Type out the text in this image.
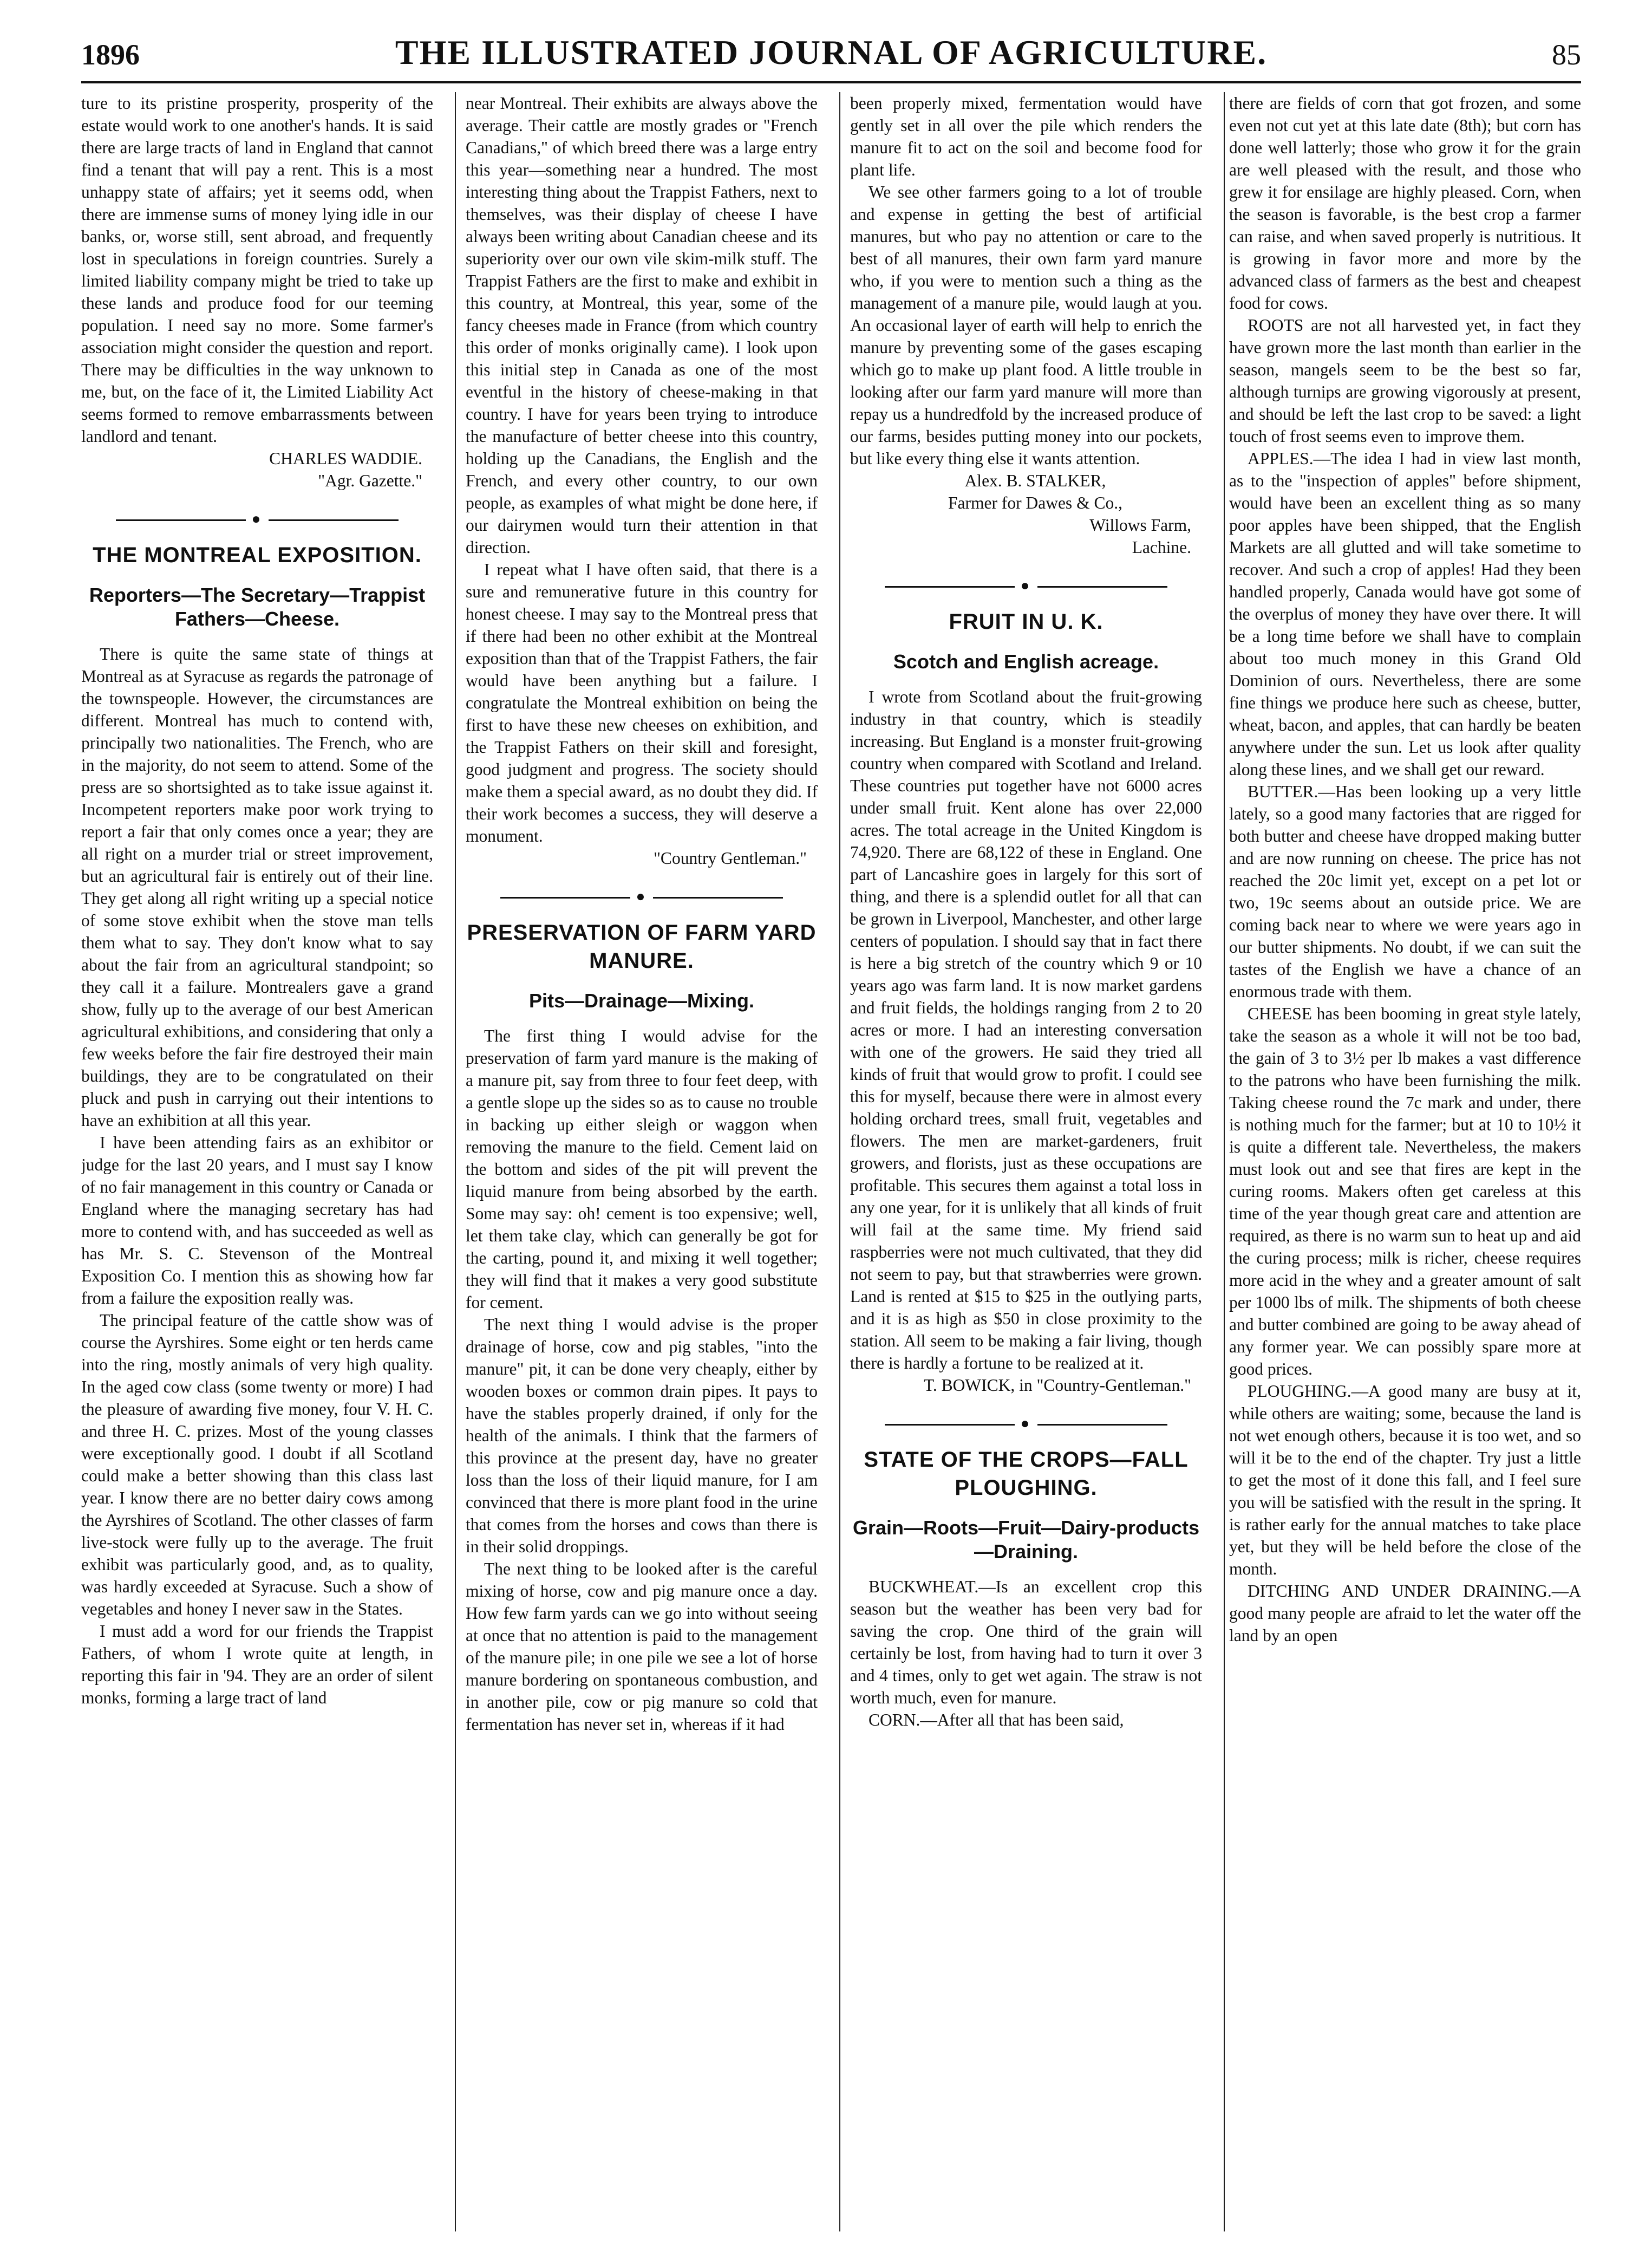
1896	THE ILLUSTRATED JOURNAL OF AGRICULTURE.	85

ture to its pristine prosperity, prosperity of the estate would work to one another's hands. It is said there are large tracts of land in England that cannot find a tenant that will pay a rent. This is a most unhappy state of affairs; yet it seems odd, when there are immense sums of money lying idle in our banks, or, worse still, sent abroad, and frequently lost in speculations in foreign countries. Surely a limited liability company might be tried to take up these lands and produce food for our teeming population. I need say no more. Some farmer's association might consider the question and report. There may be difficulties in the way unknown to me, but, on the face of it, the Limited Liability Act seems formed to remove embarrassments between landlord and tenant.

CHARLES WADDIE.

"Agr. Gazette."

●
THE MONTREAL EXPOSITION.
Reporters—The Secretary—Trappist Fathers—Cheese.

There is quite the same state of things at Montreal as at Syracuse as regards the patronage of the townspeople. However, the circumstances are different. Montreal has much to contend with, principally two nationalities. The French, who are in the majority, do not seem to attend. Some of the press are so shortsighted as to take issue against it. Incompetent reporters make poor work trying to report a fair that only comes once a year; they are all right on a murder trial or street improvement, but an agricultural fair is entirely out of their line. They get along all right writing up a special notice of some stove exhibit when the stove man tells them what to say. They don't know what to say about the fair from an agricultural standpoint; so they call it a failure. Montrealers gave a grand show, fully up to the average of our best American agricultural exhibitions, and considering that only a few weeks before the fair fire destroyed their main buildings, they are to be congratulated on their pluck and push in carrying out their intentions to have an exhibition at all this year.

I have been attending fairs as an exhibitor or judge for the last 20 years, and I must say I know of no fair management in this country or Canada or England where the managing secretary has had more to contend with, and has succeeded as well as has Mr. S. C. Stevenson of the Montreal Exposition Co. I mention this as showing how far from a failure the exposition really was.

The principal feature of the cattle show was of course the Ayrshires. Some eight or ten herds came into the ring, mostly animals of very high quality. In the aged cow class (some twenty or more) I had the pleasure of awarding five money, four V. H. C. and three H. C. prizes. Most of the young classes were exceptionally good. I doubt if all Scotland could make a better showing than this class last year. I know there are no better dairy cows among the Ayrshires of Scotland. The other classes of farm live-stock were fully up to the average. The fruit exhibit was particularly good, and, as to quality, was hardly exceeded at Syracuse. Such a show of vegetables and honey I never saw in the States.

I must add a word for our friends the Trappist Fathers, of whom I wrote quite at length, in reporting this fair in '94. They are an order of silent monks, forming a large tract of land

near Montreal. Their exhibits are always above the average. Their cattle are mostly grades or "French Canadians," of which breed there was a large entry this year—something near a hundred. The most interesting thing about the Trappist Fathers, next to themselves, was their display of cheese I have always been writing about Canadian cheese and its superiority over our own vile skim-milk stuff. The Trappist Fathers are the first to make and exhibit in this country, at Montreal, this year, some of the fancy cheeses made in France (from which country this order of monks originally came). I look upon this initial step in Canada as one of the most eventful in the history of cheese-making in that country. I have for years been trying to introduce the manufacture of better cheese into this country, holding up the Canadians, the English and the French, and every other country, to our own people, as examples of what might be done here, if our dairymen would turn their attention in that direction.

I repeat what I have often said, that there is a sure and remunerative future in this country for honest cheese. I may say to the Montreal press that if there had been no other exhibit at the Montreal exposition than that of the Trappist Fathers, the fair would have been anything but a failure. I congratulate the Montreal exhibition on being the first to have these new cheeses on exhibition, and the Trappist Fathers on their skill and foresight, good judgment and progress. The society should make them a special award, as no doubt they did. If their work becomes a success, they will deserve a monument.

"Country Gentleman."

●
PRESERVATION OF FARM YARD MANURE.
Pits—Drainage—Mixing.

The first thing I would advise for the preservation of farm yard manure is the making of a manure pit, say from three to four feet deep, with a gentle slope up the sides so as to cause no trouble in backing up either sleigh or waggon when removing the manure to the field. Cement laid on the bottom and sides of the pit will prevent the liquid manure from being absorbed by the earth. Some may say: oh! cement is too expensive; well, let them take clay, which can generally be got for the carting, pound it, and mixing it well together; they will find that it makes a very good substitute for cement.

The next thing I would advise is the proper drainage of horse, cow and pig stables, "into the manure" pit, it can be done very cheaply, either by wooden boxes or common drain pipes. It pays to have the stables properly drained, if only for the health of the animals. I think that the farmers of this province at the present day, have no greater loss than the loss of their liquid manure, for I am convinced that there is more plant food in the urine that comes from the horses and cows than there is in their solid droppings.

The next thing to be looked after is the careful mixing of horse, cow and pig manure once a day. How few farm yards can we go into without seeing at once that no attention is paid to the management of the manure pile; in one pile we see a lot of horse manure bordering on spontaneous combustion, and in another pile, cow or pig manure so cold that fermentation has never set in, whereas if it had

been properly mixed, fermentation would have gently set in all over the pile which renders the manure fit to act on the soil and become food for plant life.

We see other farmers going to a lot of trouble and expense in getting the best of artificial manures, but who pay no attention or care to the best of all manures, their own farm yard manure who, if you were to mention such a thing as the management of a manure pile, would laugh at you. An occasional layer of earth will help to enrich the manure by preventing some of the gases escaping which go to make up plant food. A little trouble in looking after our farm yard manure will more than repay us a hundredfold by the increased produce of our farms, besides putting money into our pockets, but like every thing else it wants attention.

Alex. B. STALKER,

Farmer for Dawes & Co.,

Willows Farm,

Lachine.

●
FRUIT IN U. K.
Scotch and English acreage.

I wrote from Scotland about the fruit-growing industry in that country, which is steadily increasing. But England is a monster fruit-growing country when compared with Scotland and Ireland. These countries put together have not 6000 acres under small fruit. Kent alone has over 22,000 acres. The total acreage in the United Kingdom is 74,920. There are 68,122 of these in England. One part of Lancashire goes in largely for this sort of thing, and there is a splendid outlet for all that can be grown in Liverpool, Manchester, and other large centers of population. I should say that in fact there is here a big stretch of the country which 9 or 10 years ago was farm land. It is now market gardens and fruit fields, the holdings ranging from 2 to 20 acres or more. I had an interesting conversation with one of the growers. He said they tried all kinds of fruit that would grow to profit. I could see this for myself, because there were in almost every holding orchard trees, small fruit, vegetables and flowers. The men are market-gardeners, fruit growers, and florists, just as these occupations are profitable. This secures them against a total loss in any one year, for it is unlikely that all kinds of fruit will fail at the same time. My friend said raspberries were not much cultivated, that they did not seem to pay, but that strawberries were grown. Land is rented at $15 to $25 in the outlying parts, and it is as high as $50 in close proximity to the station. All seem to be making a fair living, though there is hardly a fortune to be realized at it.

T. BOWICK, in "Country-Gentleman."

●
STATE OF THE CROPS—FALL PLOUGHING.
Grain—Roots—Fruit—Dairy-products —Draining.

BUCKWHEAT.—Is an excellent crop this season but the weather has been very bad for saving the crop. One third of the grain will certainly be lost, from having had to turn it over 3 and 4 times, only to get wet again. The straw is not worth much, even for manure.

CORN.—After all that has been said,

there are fields of corn that got frozen, and some even not cut yet at this late date (8th); but corn has done well latterly; those who grow it for the grain are well pleased with the result, and those who grew it for ensilage are highly pleased. Corn, when the season is favorable, is the best crop a farmer can raise, and when saved properly is nutritious. It is growing in favor more and more by the advanced class of farmers as the best and cheapest food for cows.

ROOTS are not all harvested yet, in fact they have grown more the last month than earlier in the season, mangels seem to be the best so far, although turnips are growing vigorously at present, and should be left the last crop to be saved: a light touch of frost seems even to improve them.

APPLES.—The idea I had in view last month, as to the "inspection of apples" before shipment, would have been an excellent thing as so many poor apples have been shipped, that the English Markets are all glutted and will take sometime to recover. And such a crop of apples! Had they been handled properly, Canada would have got some of the overplus of money they have over there. It will be a long time before we shall have to complain about too much money in this Grand Old Dominion of ours. Nevertheless, there are some fine things we produce here such as cheese, butter, wheat, bacon, and apples, that can hardly be beaten anywhere under the sun. Let us look after quality along these lines, and we shall get our reward.

BUTTER.—Has been looking up a very little lately, so a good many factories that are rigged for both butter and cheese have dropped making butter and are now running on cheese. The price has not reached the 20c limit yet, except on a pet lot or two, 19c seems about an outside price. We are coming back near to where we were years ago in our butter shipments. No doubt, if we can suit the tastes of the English we have a chance of an enormous trade with them.

CHEESE has been booming in great style lately, take the season as a whole it will not be too bad, the gain of 3 to 3½ per lb makes a vast difference to the patrons who have been furnishing the milk. Taking cheese round the 7c mark and under, there is nothing much for the farmer; but at 10 to 10½ it is quite a different tale. Nevertheless, the makers must look out and see that fires are kept in the curing rooms. Makers often get careless at this time of the year though great care and attention are required, as there is no warm sun to heat up and aid the curing process; milk is richer, cheese requires more acid in the whey and a greater amount of salt per 1000 lbs of milk. The shipments of both cheese and butter combined are going to be away ahead of any former year. We can possibly spare more at good prices.

PLOUGHING.—A good many are busy at it, while others are waiting; some, because the land is not wet enough others, because it is too wet, and so will it be to the end of the chapter. Try just a little to get the most of it done this fall, and I feel sure you will be satisfied with the result in the spring. It is rather early for the annual matches to take place yet, but they will be held before the close of the month.

DITCHING AND UNDER DRAINING.—A good many people are afraid to let the water off the land by an open
